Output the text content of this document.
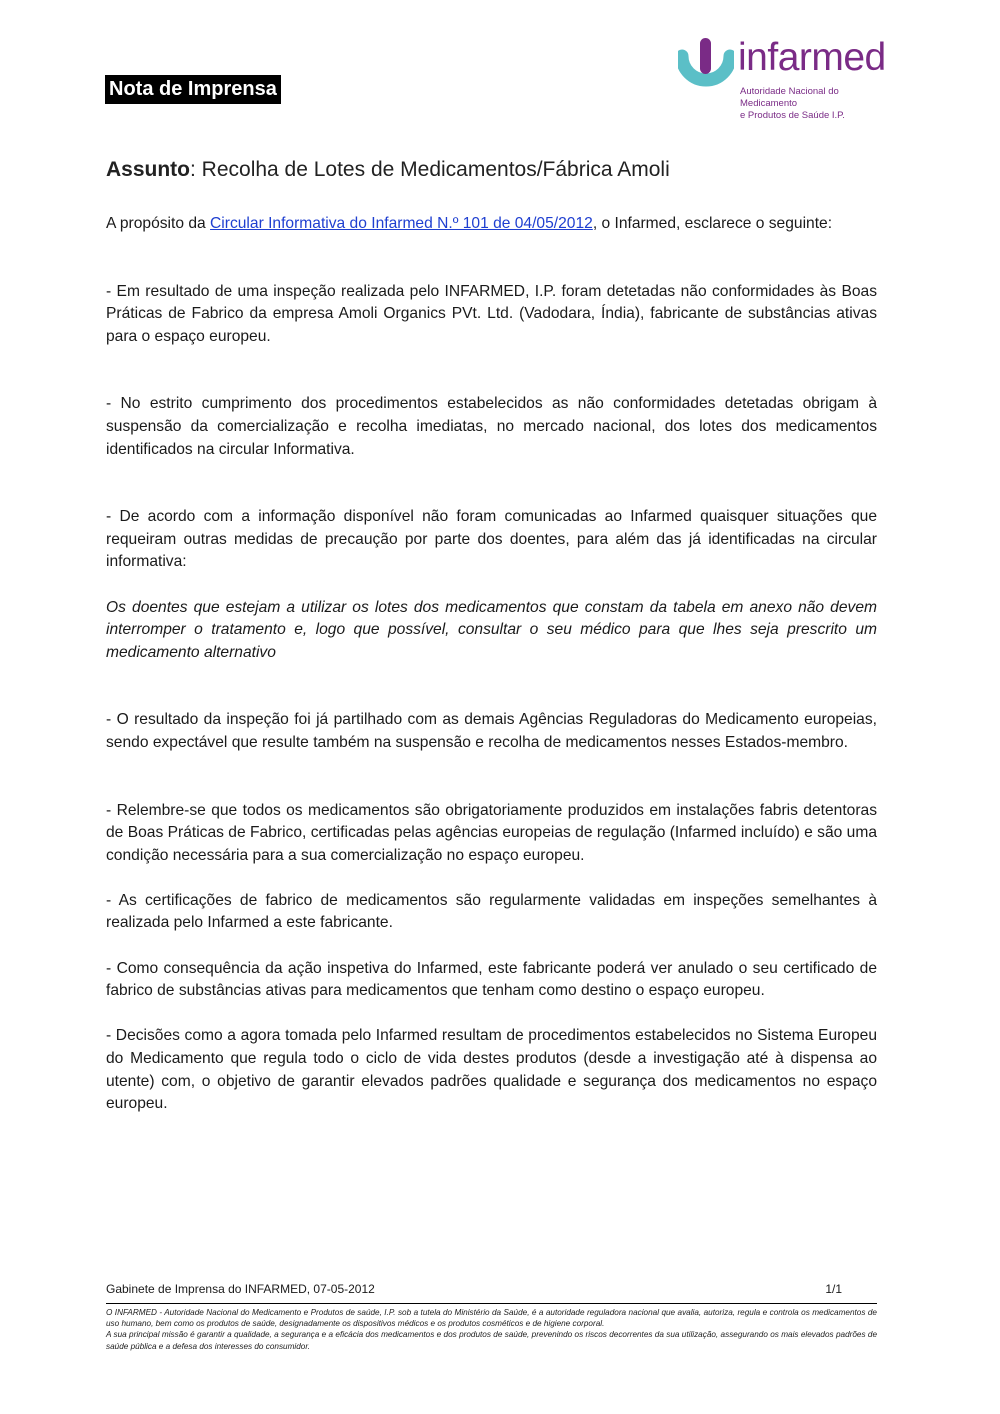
Nota de Imprensa
infarmed
Autoridade Nacional do Medicamento
e Produtos de Saúde I.P.
Assunto: Recolha de Lotes de Medicamentos/Fábrica Amoli

A propósito da Circular Informativa do Infarmed N.º 101 de 04/05/2012, o Infarmed, esclarece o seguinte:

- Em resultado de uma inspeção realizada pelo INFARMED, I.P. foram detetadas não conformidades às Boas Práticas de Fabrico da empresa Amoli Organics PVt. Ltd. (Vadodara, Índia), fabricante de substâncias ativas para o espaço europeu.

- No estrito cumprimento dos procedimentos estabelecidos as não conformidades detetadas obrigam à suspensão da comercialização e recolha imediatas, no mercado nacional, dos lotes dos medicamentos identificados na circular Informativa.

- De acordo com a informação disponível não foram comunicadas ao Infarmed quaisquer situações que requeiram outras medidas de precaução por parte dos doentes, para além das já identificadas na circular informativa:

Os doentes que estejam a utilizar os lotes dos medicamentos que constam da tabela em anexo não devem interromper o tratamento e, logo que possível, consultar o seu médico para que lhes seja prescrito um medicamento alternativo

- O resultado da inspeção foi já partilhado com as demais Agências Reguladoras do Medicamento europeias, sendo expectável que resulte também na suspensão e recolha de medicamentos nesses Estados-membro.

- Relembre-se que todos os medicamentos são obrigatoriamente produzidos em instalações fabris detentoras de Boas Práticas de Fabrico, certificadas pelas agências europeias de regulação (Infarmed incluído) e são uma condição necessária para a sua comercialização no espaço europeu.

- As certificações de fabrico de medicamentos são regularmente validadas em inspeções semelhantes à realizada pelo Infarmed a este fabricante.

- Como consequência da ação inspetiva do Infarmed, este fabricante poderá ver anulado o seu certificado de fabrico de substâncias ativas para medicamentos que tenham como destino o espaço europeu.

- Decisões como a agora tomada pelo Infarmed resultam de procedimentos estabelecidos no Sistema Europeu do Medicamento que regula todo o ciclo de vida destes produtos (desde a investigação até à dispensa ao utente) com, o objetivo de garantir elevados padrões qualidade e segurança dos medicamentos no espaço europeu.

Gabinete de Imprensa do INFARMED, 07-05-2012	1/1

O INFARMED - Autoridade Nacional do Medicamento e Produtos de saúde, I.P. sob a tutela do Ministério da Saúde, é a autoridade reguladora nacional que avalia, autoriza, regula e controla os medicamentos de uso humano, bem como os produtos de saúde, designadamente os dispositivos médicos e os produtos cosméticos e de higiene corporal.

A sua principal missão é garantir a qualidade, a segurança e a eficácia dos medicamentos e dos produtos de saúde, prevenindo os riscos decorrentes da sua utilização, assegurando os mais elevados padrões de saúde pública e a defesa dos interesses do consumidor.
